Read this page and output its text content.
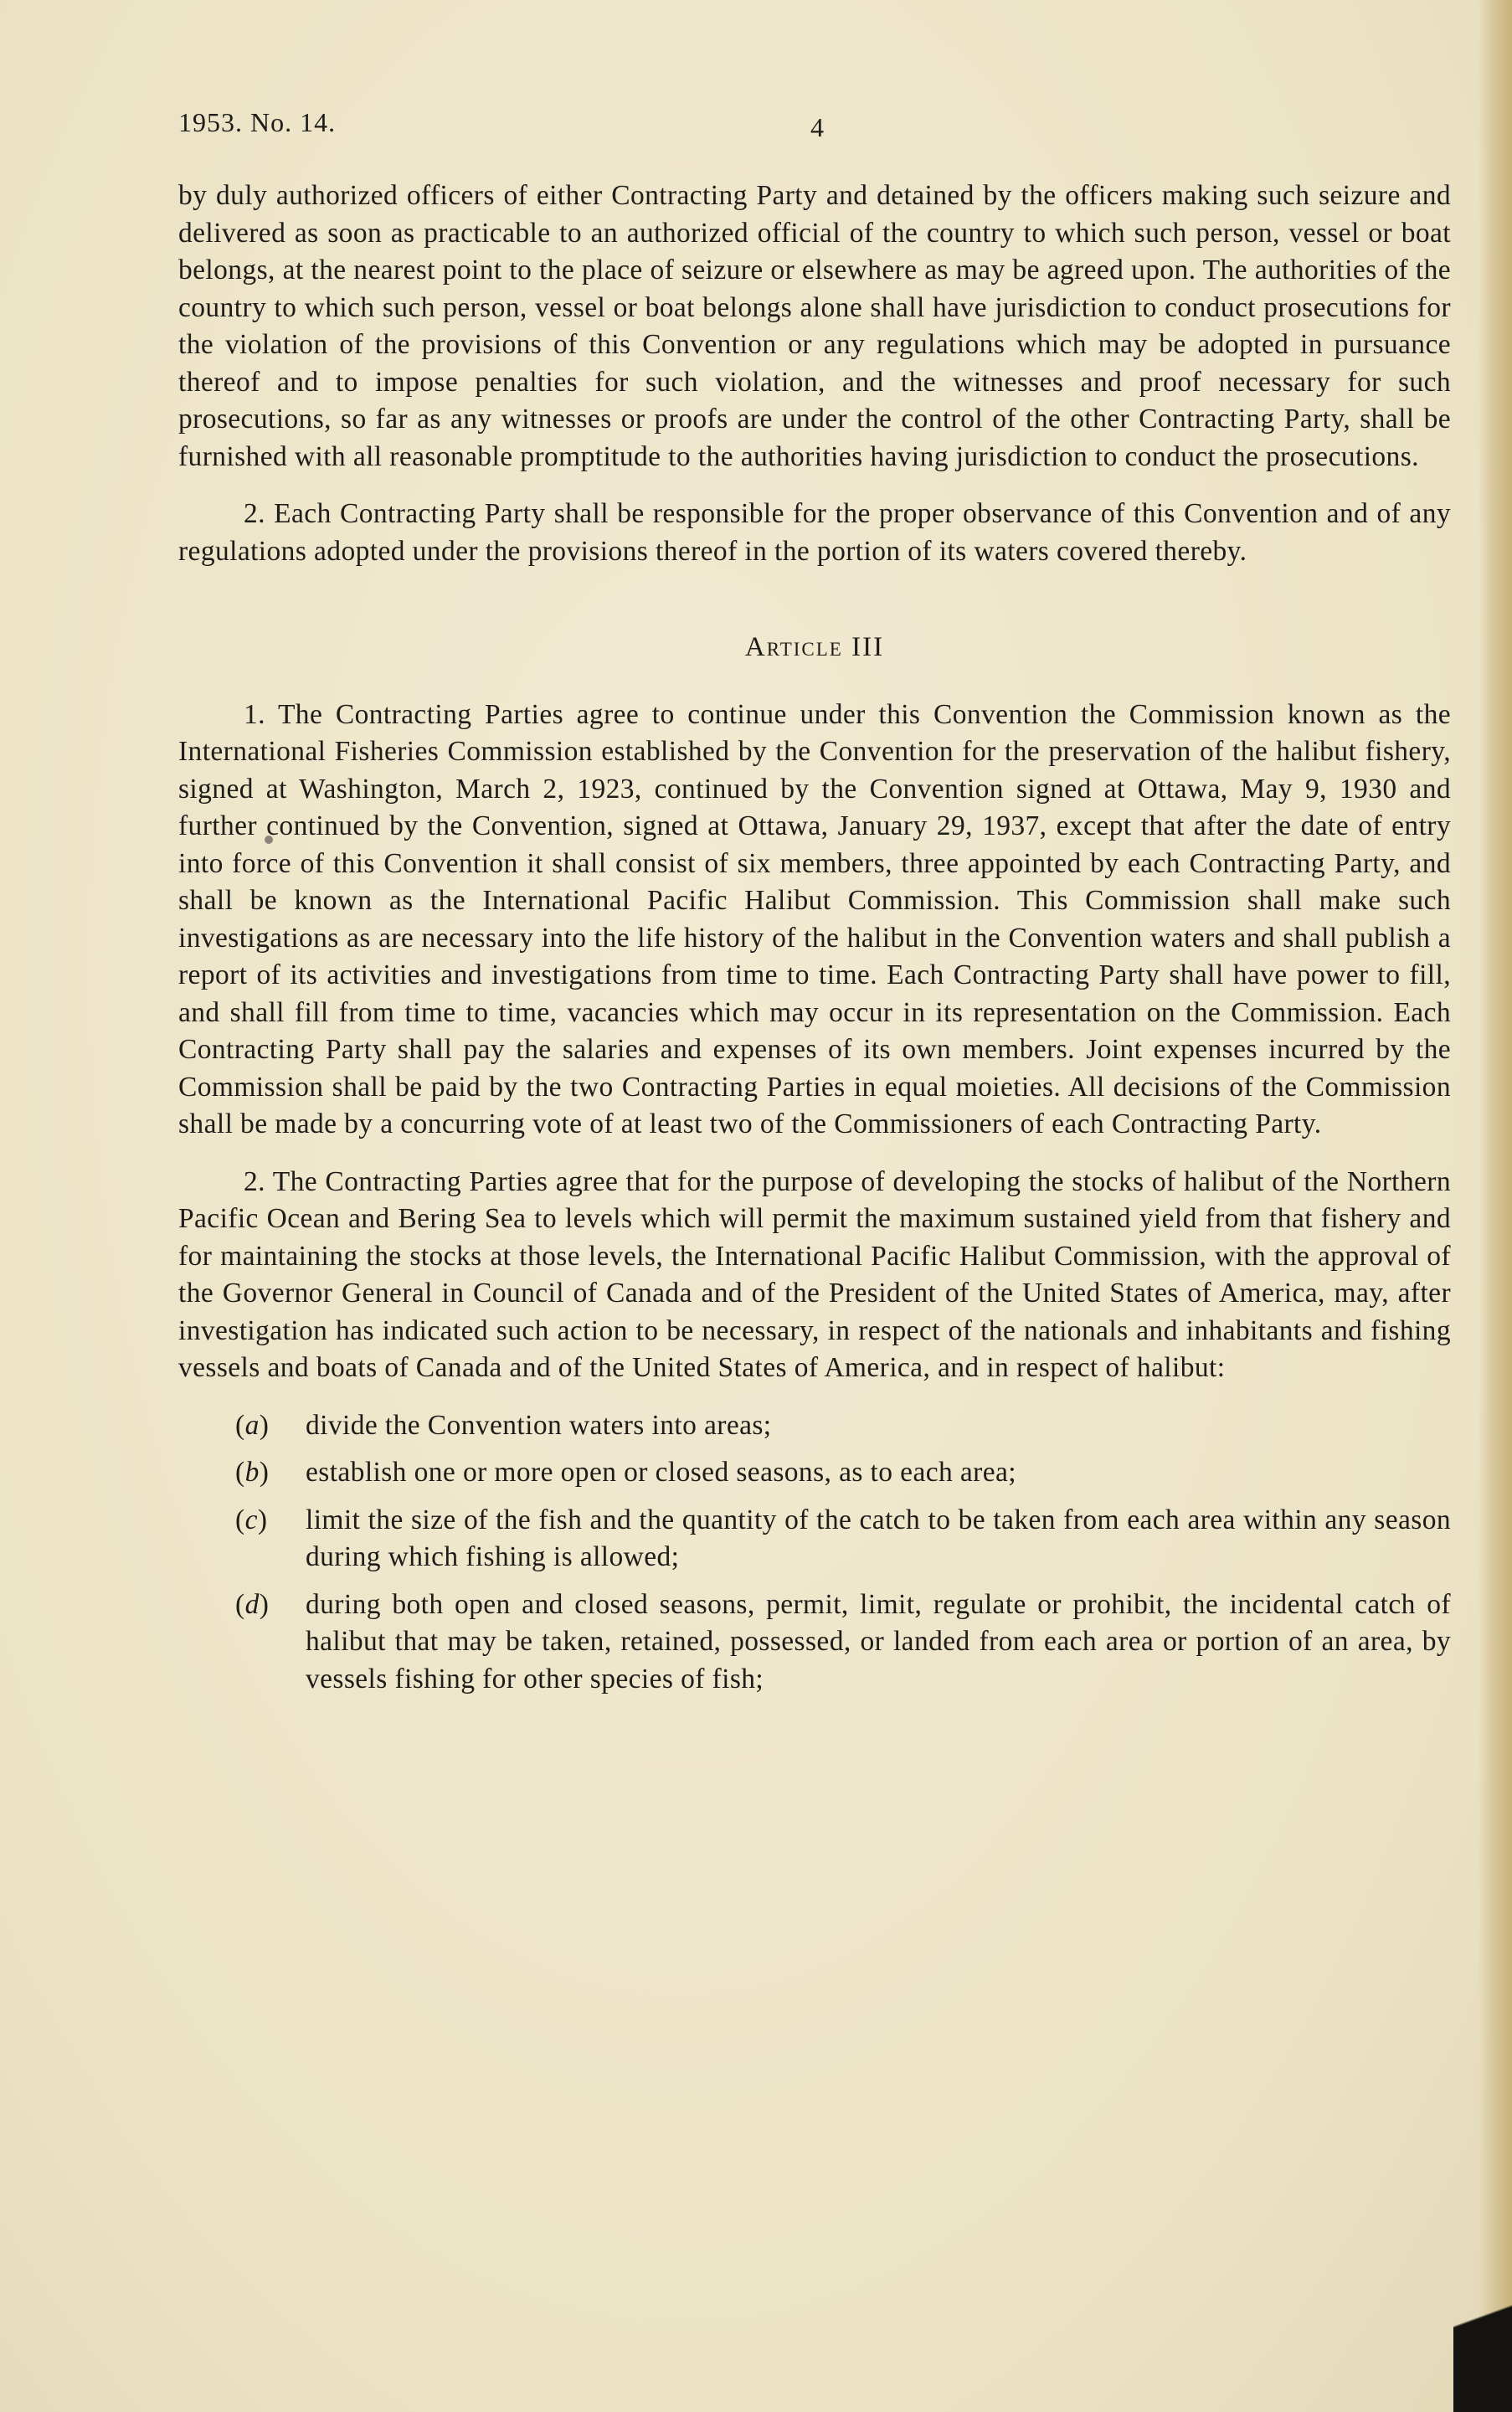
1953. No. 14.	4

by duly authorized officers of either Contracting Party and detained by the officers making such seizure and delivered as soon as practicable to an authorized official of the country to which such person, vessel or boat belongs, at the nearest point to the place of seizure or elsewhere as may be agreed upon. The authorities of the country to which such person, vessel or boat belongs alone shall have jurisdiction to conduct prosecutions for the violation of the provisions of this Convention or any regulations which may be adopted in pursuance thereof and to impose penalties for such violation, and the witnesses and proof necessary for such prosecutions, so far as any witnesses or proofs are under the control of the other Contracting Party, shall be furnished with all reasonable promptitude to the authorities having jurisdiction to conduct the prosecutions.

2. Each Contracting Party shall be responsible for the proper observance of this Convention and of any regulations adopted under the provisions thereof in the portion of its waters covered thereby.

Article III

1. The Contracting Parties agree to continue under this Convention the Commission known as the International Fisheries Commission established by the Convention for the preservation of the halibut fishery, signed at Washington, March 2, 1923, continued by the Convention signed at Ottawa, May 9, 1930 and further continued by the Convention, signed at Ottawa, January 29, 1937, except that after the date of entry into force of this Convention it shall consist of six members, three appointed by each Contracting Party, and shall be known as the International Pacific Halibut Commission. This Commission shall make such investigations as are necessary into the life history of the halibut in the Convention waters and shall publish a report of its activities and investigations from time to time. Each Contracting Party shall have power to fill, and shall fill from time to time, vacancies which may occur in its representation on the Commission. Each Contracting Party shall pay the salaries and expenses of its own members. Joint expenses incurred by the Commission shall be paid by the two Contracting Parties in equal moieties. All decisions of the Commission shall be made by a concurring vote of at least two of the Commissioners of each Contracting Party.

2. The Contracting Parties agree that for the purpose of developing the stocks of halibut of the Northern Pacific Ocean and Bering Sea to levels which will permit the maximum sustained yield from that fishery and for maintaining the stocks at those levels, the International Pacific Halibut Commission, with the approval of the Governor General in Council of Canada and of the President of the United States of America, may, after investigation has indicated such action to be necessary, in respect of the nationals and inhabitants and fishing vessels and boats of Canada and of the United States of America, and in respect of halibut:

(a)	divide the Convention waters into areas;
(b)	establish one or more open or closed seasons, as to each area;
(c)	limit the size of the fish and the quantity of the catch to be taken from each area within any season during which fishing is allowed;
(d)	during both open and closed seasons, permit, limit, regulate or prohibit, the incidental catch of halibut that may be taken, retained, possessed, or landed from each area or portion of an area, by vessels fishing for other species of fish;
